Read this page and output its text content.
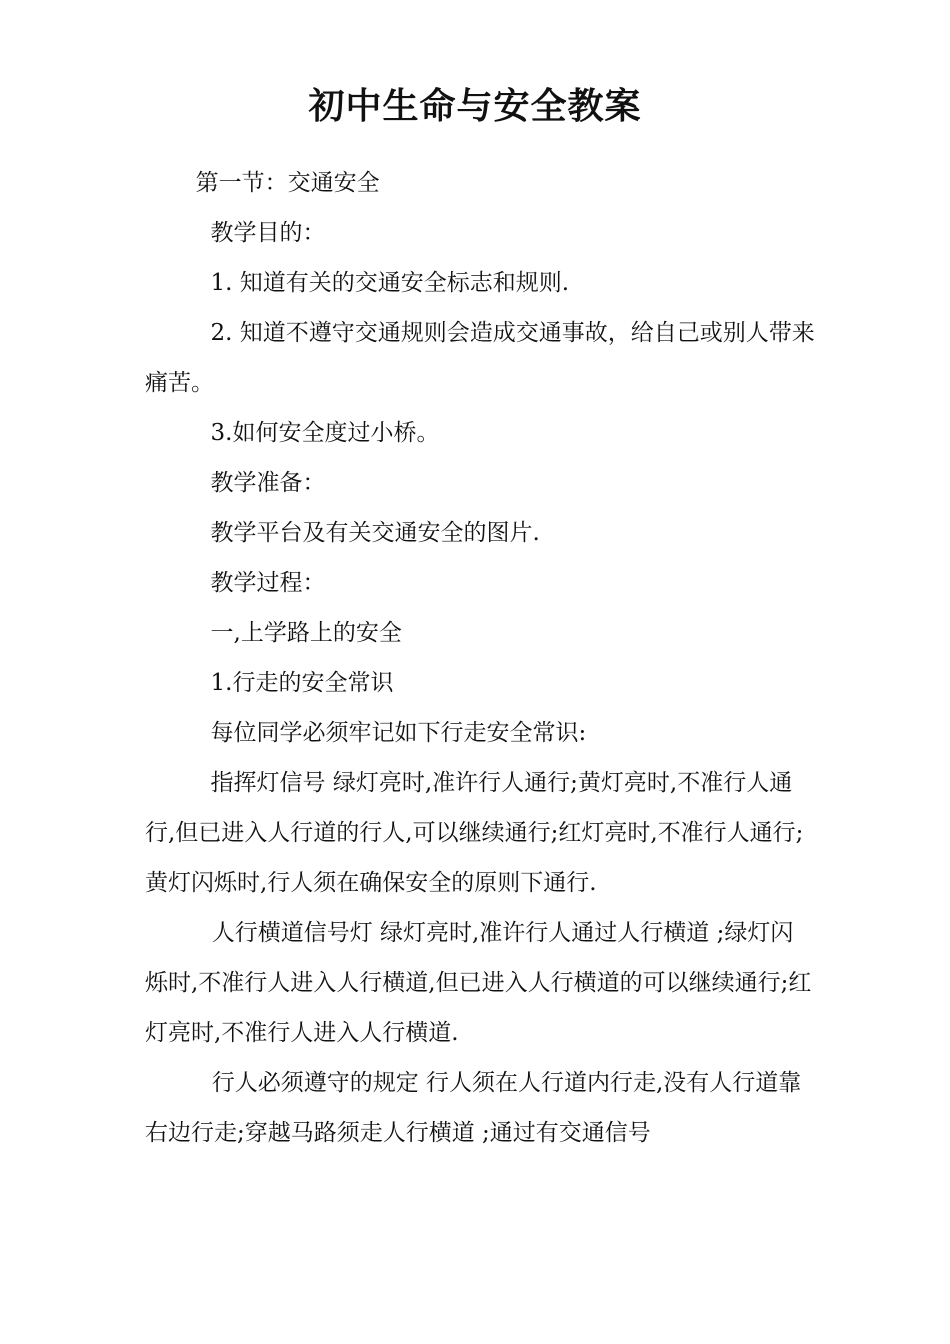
初中生命与安全教案

第一节：交通安全

教学目的：

1. 知道有关的交通安全标志和规则.

2. 知道不遵守交通规则会造成交通事故，给自己或别人带来痛苦。

3.如何安全度过小桥。

教学准备：

教学平台及有关交通安全的图片.

教学过程：

一,上学路上的安全

1.行走的安全常识

每位同学必须牢记如下行走安全常识:

指挥灯信号 绿灯亮时,准许行人通行;黄灯亮时,不准行人通行,但已进入人行道的行人,可以继续通行;红灯亮时,不准行人通行;黄灯闪烁时,行人须在确保安全的原则下通行.

人行横道信号灯 绿灯亮时,准许行人通过人行横道 ;绿灯闪烁时,不准行人进入人行横道,但已进入人行横道的可以继续通行;红灯亮时,不准行人进入人行横道.

行人必须遵守的规定 行人须在人行道内行走,没有人行道靠右边行走;穿越马路须走人行横道 ;通过有交通信号
